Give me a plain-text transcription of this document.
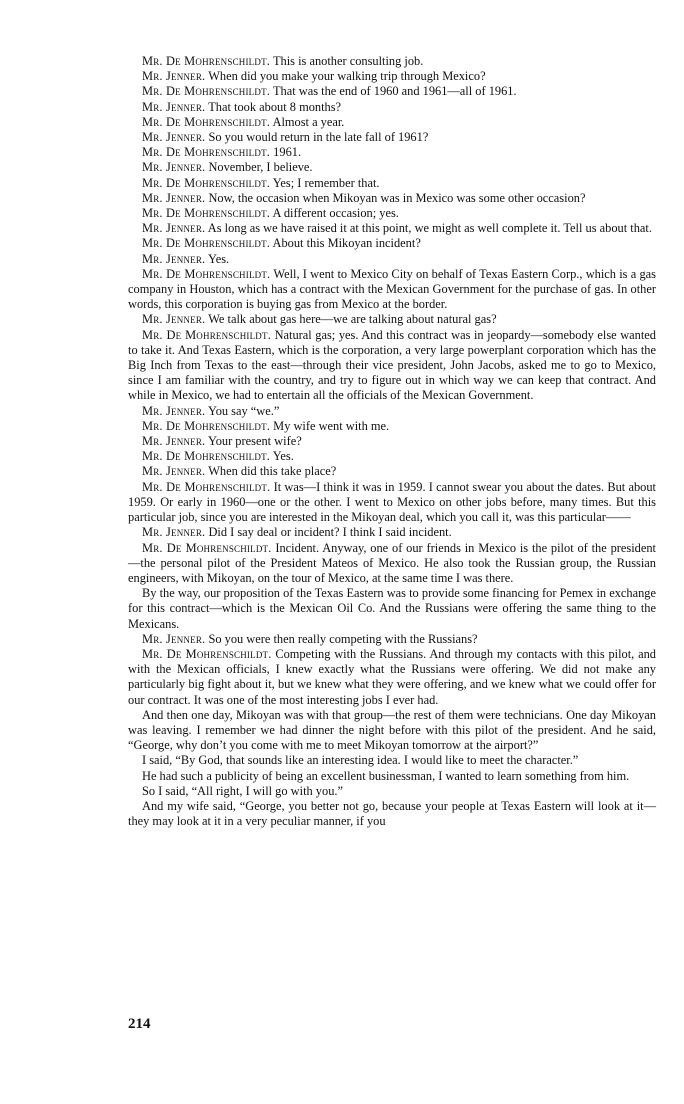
Mr. De Mohrenschildt. This is another consulting job.

Mr. Jenner. When did you make your walking trip through Mexico?

Mr. De Mohrenschildt. That was the end of 1960 and 1961—all of 1961.

Mr. Jenner. That took about 8 months?

Mr. De Mohrenschildt. Almost a year.

Mr. Jenner. So you would return in the late fall of 1961?

Mr. De Mohrenschildt. 1961.

Mr. Jenner. November, I believe.

Mr. De Mohrenschildt. Yes; I remember that.

Mr. Jenner. Now, the occasion when Mikoyan was in Mexico was some other occasion?

Mr. De Mohrenschildt. A different occasion; yes.

Mr. Jenner. As long as we have raised it at this point, we might as well complete it. Tell us about that.

Mr. De Mohrenschildt. About this Mikoyan incident?

Mr. Jenner. Yes.

Mr. De Mohrenschildt. Well, I went to Mexico City on behalf of Texas Eastern Corp., which is a gas company in Houston, which has a contract with the Mexican Government for the purchase of gas. In other words, this corporation is buying gas from Mexico at the border.

Mr. Jenner. We talk about gas here—we are talking about natural gas?

Mr. De Mohrenschildt. Natural gas; yes. And this contract was in jeopardy—somebody else wanted to take it. And Texas Eastern, which is the corporation, a very large powerplant corporation which has the Big Inch from Texas to the east—through their vice president, John Jacobs, asked me to go to Mexico, since I am familiar with the country, and try to figure out in which way we can keep that contract. And while in Mexico, we had to entertain all the officials of the Mexican Government.

Mr. Jenner. You say “we.”

Mr. De Mohrenschildt. My wife went with me.

Mr. Jenner. Your present wife?

Mr. De Mohrenschildt. Yes.

Mr. Jenner. When did this take place?

Mr. De Mohrenschildt. It was—I think it was in 1959. I cannot swear you about the dates. But about 1959. Or early in 1960—one or the other. I went to Mexico on other jobs before, many times. But this particular job, since you are interested in the Mikoyan deal, which you call it, was this particular——

Mr. Jenner. Did I say deal or incident? I think I said incident.

Mr. De Mohrenschildt. Incident. Anyway, one of our friends in Mexico is the pilot of the president—the personal pilot of the President Mateos of Mexico. He also took the Russian group, the Russian engineers, with Mikoyan, on the tour of Mexico, at the same time I was there.

By the way, our proposition of the Texas Eastern was to provide some financing for Pemex in exchange for this contract—which is the Mexican Oil Co. And the Russians were offering the same thing to the Mexicans.

Mr. Jenner. So you were then really competing with the Russians?

Mr. De Mohrenschildt. Competing with the Russians. And through my contacts with this pilot, and with the Mexican officials, I knew exactly what the Russians were offering. We did not make any particularly big fight about it, but we knew what they were offering, and we knew what we could offer for our contract. It was one of the most interesting jobs I ever had.

And then one day, Mikoyan was with that group—the rest of them were technicians. One day Mikoyan was leaving. I remember we had dinner the night before with this pilot of the president. And he said, “George, why don’t you come with me to meet Mikoyan tomorrow at the airport?”

I said, “By God, that sounds like an interesting idea. I would like to meet the character.”

He had such a publicity of being an excellent businessman, I wanted to learn something from him.

So I said, “All right, I will go with you.”

And my wife said, “George, you better not go, because your people at Texas Eastern will look at it—they may look at it in a very peculiar manner, if you

214
